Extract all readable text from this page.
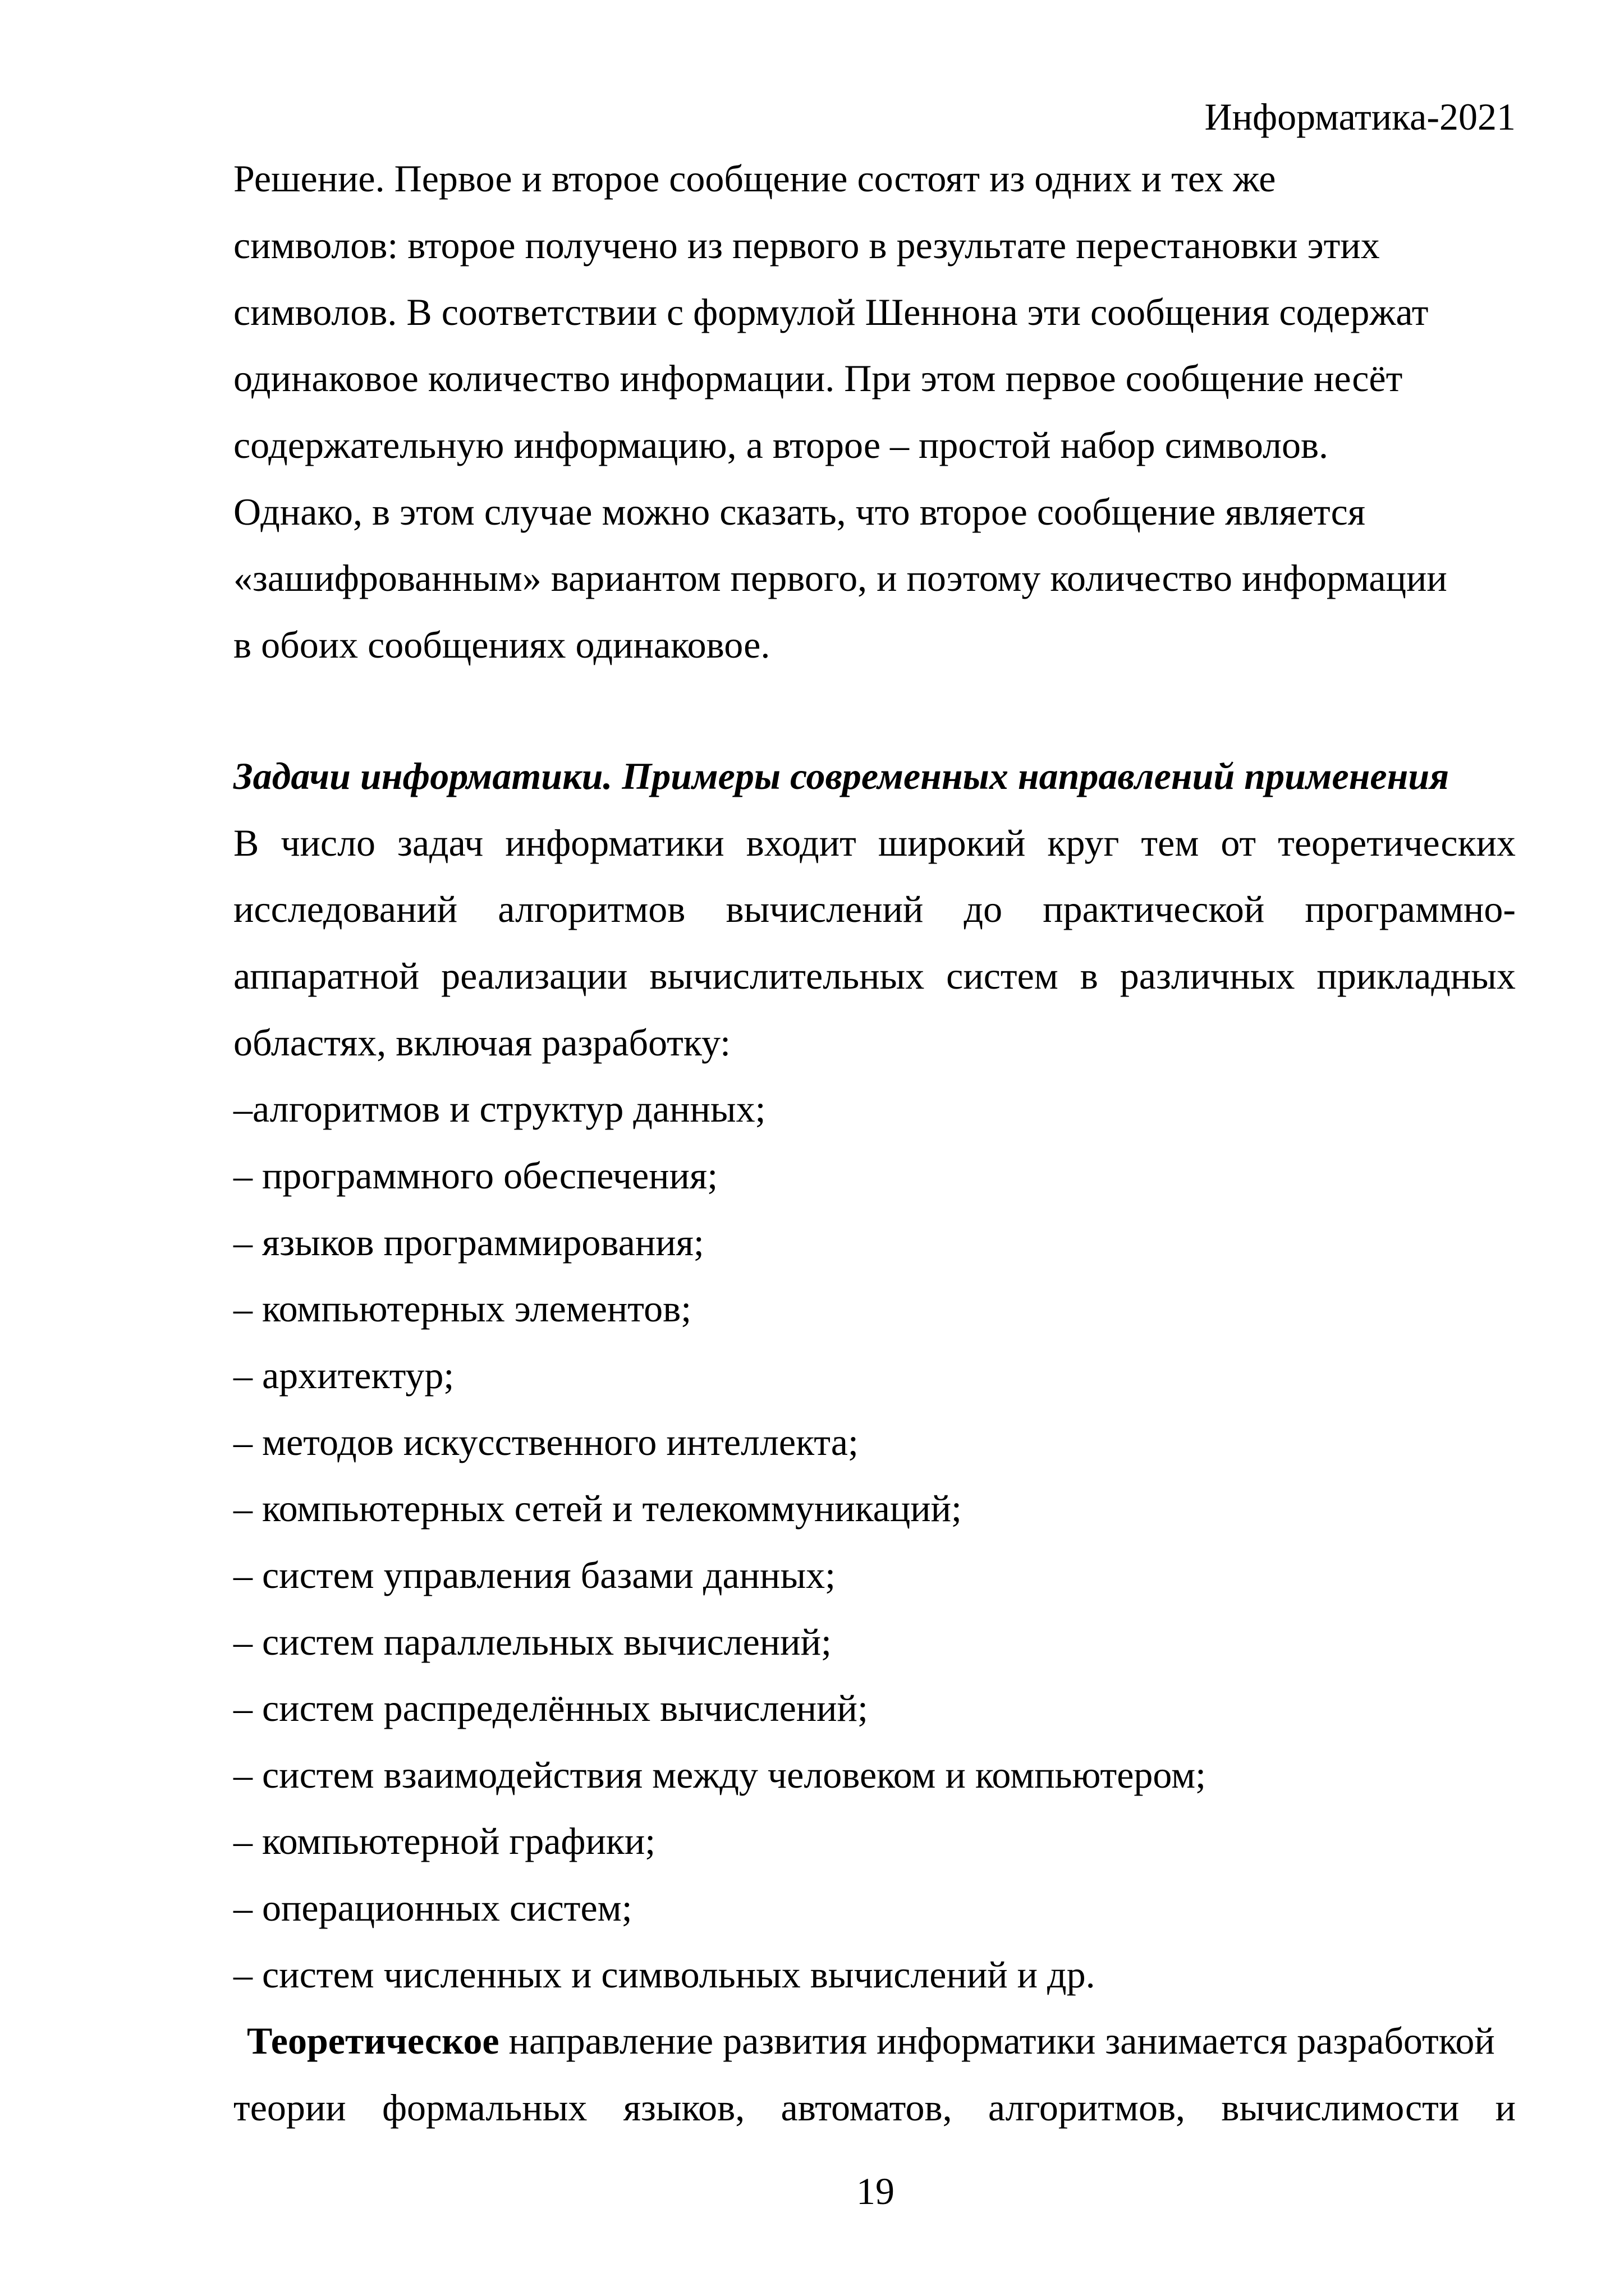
Информатика-2021
Решение. Первое и второе сообщение состоят из одних и тех же
символов: второе получено из первого в результате перестановки этих
символов. В соответствии с формулой Шеннона эти сообщения содержат
одинаковое количество информации. При этом первое сообщение несёт
содержательную информацию, а второе – простой набор символов.
Однако, в этом случае можно сказать, что второе сообщение является
«зашифрованным» вариантом первого, и поэтому количество информации
в обоих сообщениях одинаковое.
Задачи информатики. Примеры современных направлений применения
В число задач информатики входит широкий круг тем от теоретических
исследований алгоритмов вычислений до практической программно-
аппаратной реализации вычислительных систем в различных прикладных
областях, включая разработку:
–алгоритмов и структур данных;
– программного обеспечения;
– языков программирования;
– компьютерных элементов;
– архитектур;
– методов искусственного интеллекта;
– компьютерных сетей и телекоммуникаций;
– систем управления базами данных;
– систем параллельных вычислений;
– систем распределённых вычислений;
– систем взаимодействия между человеком и компьютером;
– компьютерной графики;
– операционных систем;
– систем численных и символьных вычислений и др.
Теоретическое направление развития информатики занимается разработкой
теории формальных языков, автоматов, алгоритмов, вычислимости и
19
